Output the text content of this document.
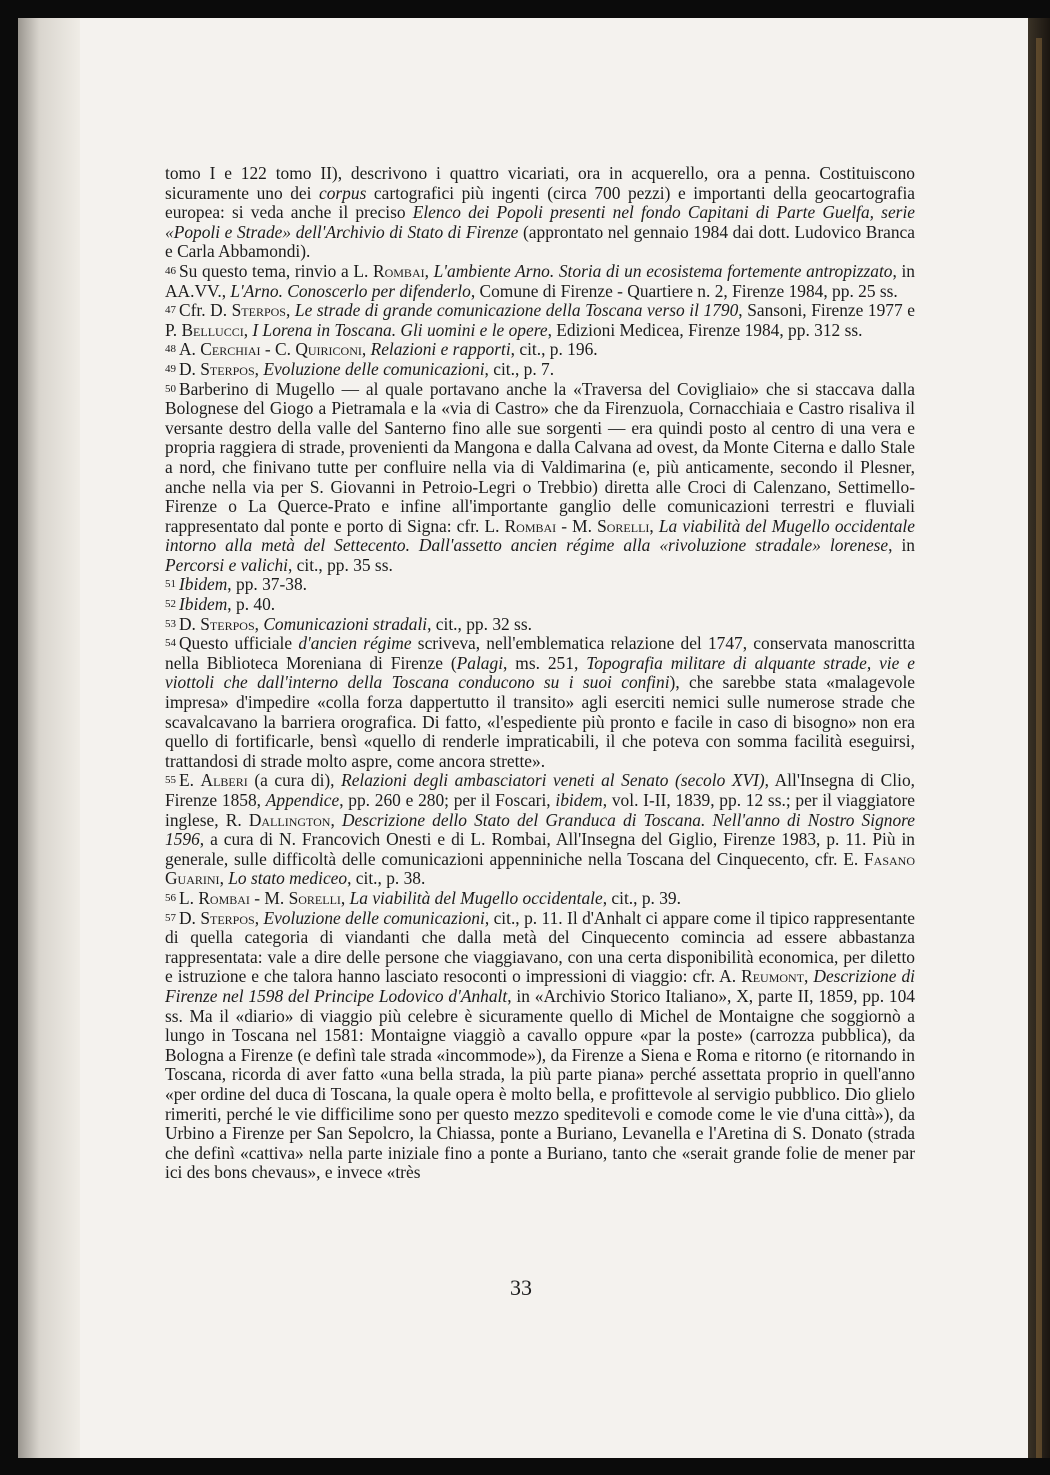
tomo I e 122 tomo II), descrivono i quattro vicariati, ora in acquerello, ora a penna. Costituiscono sicuramente uno dei corpus cartografici più ingenti (circa 700 pezzi) e importanti della geocartografia europea: si veda anche il preciso Elenco dei Popoli presenti nel fondo Capitani di Parte Guelfa, serie «Popoli e Strade» dell'Archivio di Stato di Firenze (approntato nel gennaio 1984 dai dott. Ludovico Branca e Carla Abbamondi).

$^{46}$ Su questo tema, rinvio a L. Rombai, L'ambiente Arno. Storia di un ecosistema fortemente antropizzato, in AA.VV., L'Arno. Conoscerlo per difenderlo, Comune di Firenze - Quartiere n. 2, Firenze 1984, pp. 25 ss.

$^{47}$ Cfr. D. Sterpos, Le strade di grande comunicazione della Toscana verso il 1790, Sansoni, Firenze 1977 e P. Bellucci, I Lorena in Toscana. Gli uomini e le opere, Edizioni Medicea, Firenze 1984, pp. 312 ss.

$^{48}$ A. Cerchiai - C. Quiriconi, Relazioni e rapporti, cit., p. 196.

$^{49}$ D. Sterpos, Evoluzione delle comunicazioni, cit., p. 7.

$^{50}$ Barberino di Mugello — al quale portavano anche la «Traversa del Covigliaio» che si staccava dalla Bolognese del Giogo a Pietramala e la «via di Castro» che da Firenzuola, Cornacchiaia e Castro risaliva il versante destro della valle del Santerno fino alle sue sorgenti — era quindi posto al centro di una vera e propria raggiera di strade, provenienti da Mangona e dalla Calvana ad ovest, da Monte Citerna e dallo Stale a nord, che finivano tutte per confluire nella via di Valdimarina (e, più anticamente, secondo il Plesner, anche nella via per S. Giovanni in Petroio-Legri o Trebbio) diretta alle Croci di Calenzano, Settimello-Firenze o La Querce-Prato e infine all'importante ganglio delle comunicazioni terrestri e fluviali rappresentato dal ponte e porto di Signa: cfr. L. Rombai - M. Sorelli, La viabilità del Mugello occidentale intorno alla metà del Settecento. Dall'assetto ancien régime alla «rivoluzione stradale» lorenese, in Percorsi e valichi, cit., pp. 35 ss.

$^{51}$ Ibidem, pp. 37-38.

$^{52}$ Ibidem, p. 40.

$^{53}$ D. Sterpos, Comunicazioni stradali, cit., pp. 32 ss.

$^{54}$ Questo ufficiale d'ancien régime scriveva, nell'emblematica relazione del 1747, conservata manoscritta nella Biblioteca Moreniana di Firenze (Palagi, ms. 251, Topografia militare di alquante strade, vie e viottoli che dall'interno della Toscana conducono su i suoi confini), che sarebbe stata «malagevole impresa» d'impedire «colla forza dappertutto il transito» agli eserciti nemici sulle numerose strade che scavalcavano la barriera orografica. Di fatto, «l'espediente più pronto e facile in caso di bisogno» non era quello di fortificarle, bensì «quello di renderle impraticabili, il che poteva con somma facilità eseguirsi, trattandosi di strade molto aspre, come ancora strette».

$^{55}$ E. Alberi (a cura di), Relazioni degli ambasciatori veneti al Senato (secolo XVI), All'Insegna di Clio, Firenze 1858, Appendice, pp. 260 e 280; per il Foscari, ibidem, vol. I-II, 1839, pp. 12 ss.; per il viaggiatore inglese, R. Dallington, Descrizione dello Stato del Granduca di Toscana. Nell'anno di Nostro Signore 1596, a cura di N. Francovich Onesti e di L. Rombai, All'Insegna del Giglio, Firenze 1983, p. 11. Più in generale, sulle difficoltà delle comunicazioni appenniniche nella Toscana del Cinquecento, cfr. E. Fasano Guarini, Lo stato mediceo, cit., p. 38.

$^{56}$ L. Rombai - M. Sorelli, La viabilità del Mugello occidentale, cit., p. 39.

$^{57}$ D. Sterpos, Evoluzione delle comunicazioni, cit., p. 11. Il d'Anhalt ci appare come il tipico rappresentante di quella categoria di viandanti che dalla metà del Cinquecento cominciа ad essere abbastanza rappresentata: vale a dire delle persone che viaggiavano, con una certa disponibilità economica, per diletto e istruzione e che talora hanno lasciato resoconti o impressioni di viaggio: cfr. A. Reumont, Descrizione di Firenze nel 1598 del Principe Lodovico d'Anhalt, in «Archivio Storico Italiano», X, parte II, 1859, pp. 104 ss. Ma il «diario» di viaggio più celebre è sicuramente quello di Michel de Montaigne che soggiornò a lungo in Toscana nel 1581: Montaigne viaggiò a cavallo oppure «par la poste» (carrozza pubblica), da Bologna a Firenze (e definì tale strada «incommode»), da Firenze a Siena e Roma e ritorno (e ritornando in Toscana, ricorda di aver fatto «una bella strada, la più parte piana» perché assettata proprio in quell'anno «per ordine del duca di Toscana, la quale opera è molto bella, e profittevole al servigio pubblico. Dio glielo rimeriti, perché le vie difficilime sono per questo mezzo speditevoli e comode come le vie d'una città»), da Urbino a Firenze per San Sepolcro, la Chiassa, ponte a Buriano, Levanella e l'Aretina di S. Donato (strada che definì «cattiva» nella parte iniziale fino a ponte a Buriano, tanto che «serait grande folie de mener par ici des bons chevaus», e invece «très

33
